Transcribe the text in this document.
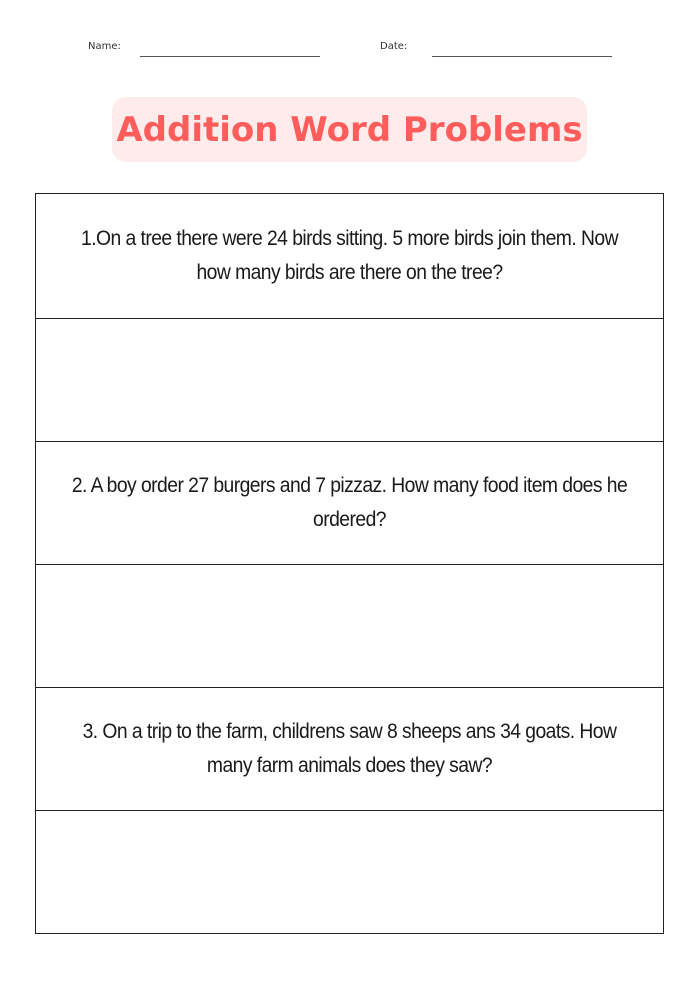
Name:	Date:
Addition Word Problems
1.On a tree there were 24 birds sitting. 5 more birds join them. Now how many birds are there on the tree?
2. A boy order 27 burgers and 7 pizzaz. How many food item does he ordered?
3. On a trip to the farm, childrens saw 8 sheeps ans 34 goats. How many farm animals does they saw?
